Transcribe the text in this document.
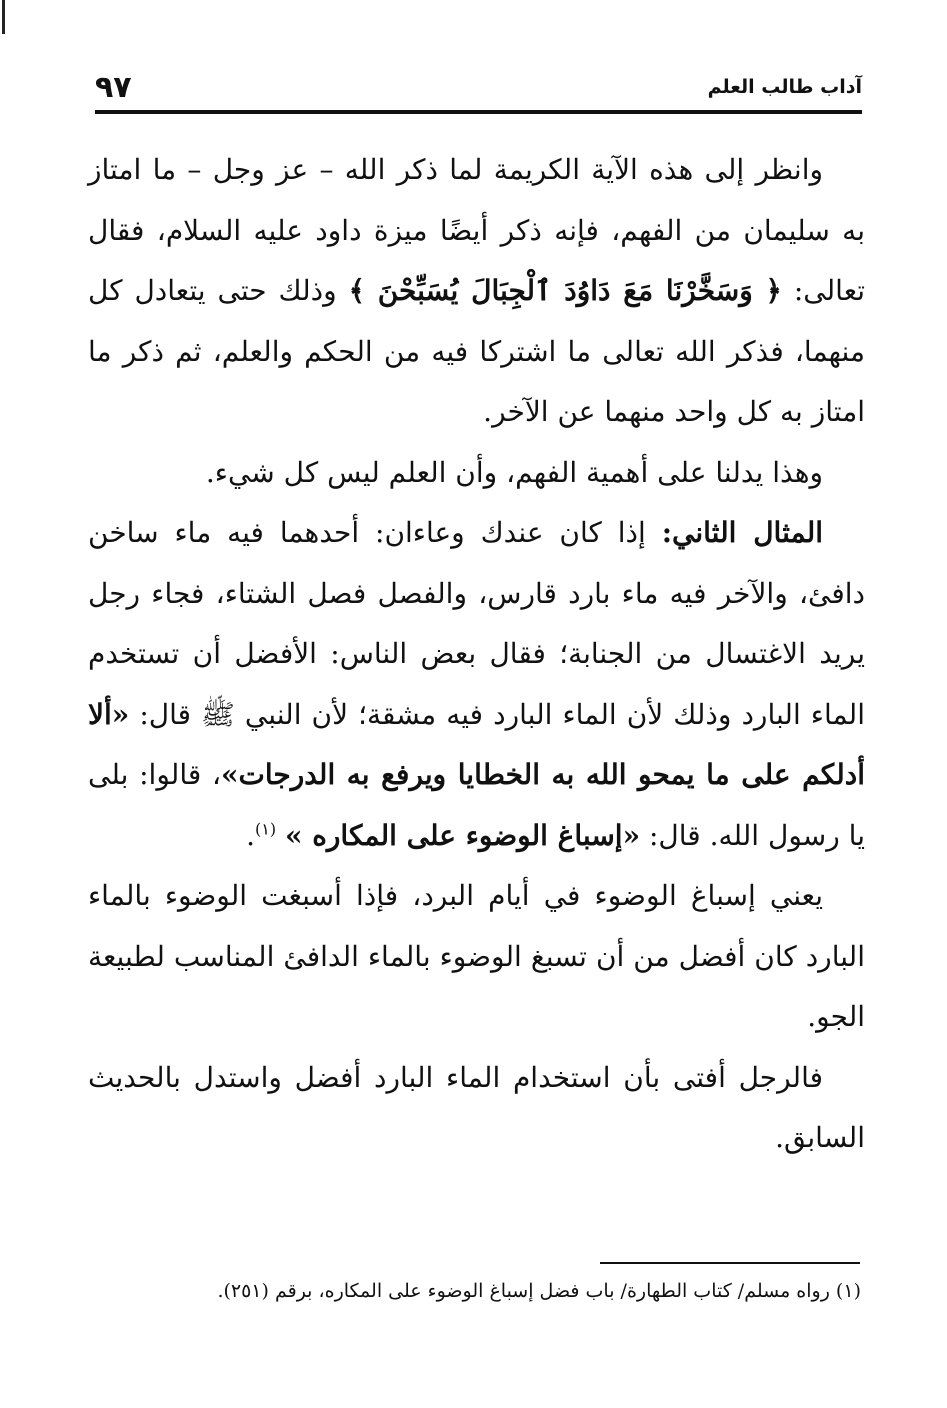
آداب طالب العلم
٩٧

وانظر إلى هذه الآية الكريمة لما ذكر الله – عز وجل – ما امتاز به سليمان من الفهم، فإنه ذكر أيضًا ميزة داود عليه السلام، فقال تعالى: ﴿ وَسَخَّرْنَا مَعَ دَاوُدَ ٱلْجِبَالَ يُسَبِّحْنَ ﴾ وذلك حتى يتعادل كل منهما، فذكر الله تعالى ما اشتركا فيه من الحكم والعلم، ثم ذكر ما امتاز به كل واحد منهما عن الآخر.

وهذا يدلنا على أهمية الفهم، وأن العلم ليس كل شيء.

المثال الثاني: إذا كان عندك وعاءان: أحدهما فيه ماء ساخن دافئ، والآخر فيه ماء بارد قارس، والفصل فصل الشتاء، فجاء رجل يريد الاغتسال من الجنابة؛ فقال بعض الناس: الأفضل أن تستخدم الماء البارد وذلك لأن الماء البارد فيه مشقة؛ لأن النبي ﷺ قال: «ألا أدلكم على ما يمحو الله به الخطايا ويرفع به الدرجات»، قالوا: بلى يا رسول الله. قال: «إسباغ الوضوء على المكاره » $^{(١)}$.

يعني إسباغ الوضوء في أيام البرد، فإذا أسبغت الوضوء بالماء البارد كان أفضل من أن تسبغ الوضوء بالماء الدافئ المناسب لطبيعة الجو.

فالرجل أفتى بأن استخدام الماء البارد أفضل واستدل بالحديث السابق.

(١) رواه مسلم/ كتاب الطهارة/ باب فضل إسباغ الوضوء على المكاره، برقم (٢٥١).
